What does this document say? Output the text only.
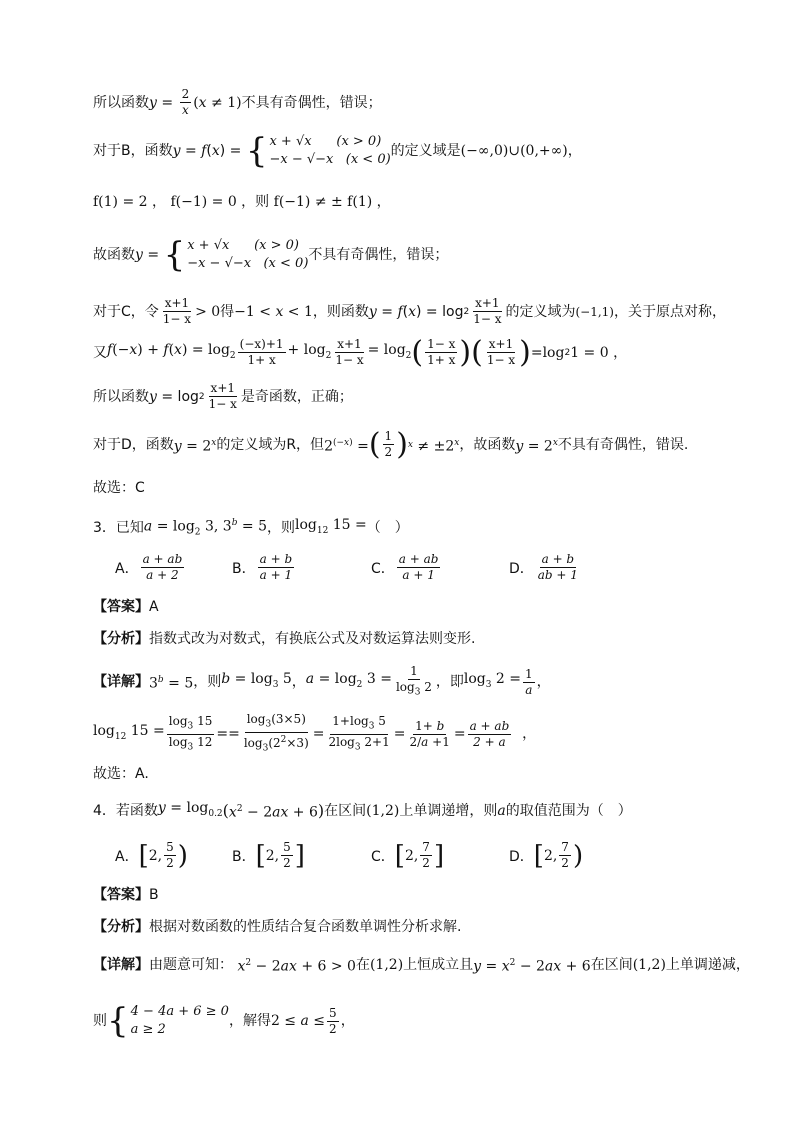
所以函数 y =
2
x (x ≠ 1) 不具有奇偶性，错误；
对于B，函数 y = f ( x ) = { x + √x      (x > 0)
−x − √−x   (x < 0)
的定义域是 (−∞,0)∪(0,+∞) ，
f(1) = 2 ， f(−1) = 0 ，则 f(−1) ≠ ± f(1) ，
故函数 y = { x + √x      (x > 0)
−x − √−x   (x < 0)
不具有奇偶性，错误；
对于C，令
x+1
1− x > 0 得 −1 < x < 1 ，则函数 y = f ( x ) = log 2
x+1
1− x 的定义域为 (−1,1) ，关于原点对称，
又 $f(-x) + f(x) = \log_2$
(−x)+1
1+ x
+ $\log_2 \frac{x+1}{1- x} = \log_2$ ( 1− x
1+ x ) ( x+1
1− x ) =log 2 1 = 0 ，
所以函数 y = log 2
x+1
1− x 是奇函数，正确；
对于D，函数 $y = 2^x$ 的定义域为R，但 $2^{(-x)}$ = ( 1
2 ) $x \ne \pm 2^x$ ，故函数 $y = 2^x$ 不具有奇偶性，错误.
故选：C
3．已知 $a = \log_2 3$, $3^b = 5$ ，则 $\log_{12} 15$ = （　）
A．
a + ab
a + 2	B．
a + b
a + 1	C．
a + ab
a + 1	D．
a + b
ab + 1
【答案】 A
【分析】 指数式改为对数式，有换底公式及对数运算法则变形.
【详解】 $3^b = 5$ ，则 $b = \log_3 5$ ， $a = \log_2 3 = \frac{1}{\log_3 2}$ ，即 $\log_3 2 = \frac{1}{a}$ ，
$\log_{12} 15 = \frac{\log_3 15}{\log_3 12} == \frac{\log_3(3\times 5)}{\log_3(2^2\times 3)} = \frac{1+\log_3 5}{2\log_3 2+1} = \frac{1+ b}{2/a +1} = \frac{a + ab}{2 + a}$ ，
故选：A.
4．若函数 $y = \log_{0.2}$ ( $x^2 - 2ax + 6$ ) 在区间 (1,2) 上单调递增，则 a 的取值范围为（　）
A． [ 2,
5
2 )	B． [ 2,
5
2 ]	C． [ 2,
7
2 ]	D． [ 2,
7
2 )
【答案】 B
【分析】 根据对数函数的性质结合复合函数单调性分析求解.
【详解】 由题意可知： $x^2 - 2ax + 6 > 0$ 在 (1,2) 上恒成立且 $y = x^2 - 2ax + 6$ 在区间 (1,2) 上单调递减，
则 { 4 − 4a + 6 ≥ 0
a ≥ 2
，解得 $2 \le a \le \frac{5}{2}$ ，
